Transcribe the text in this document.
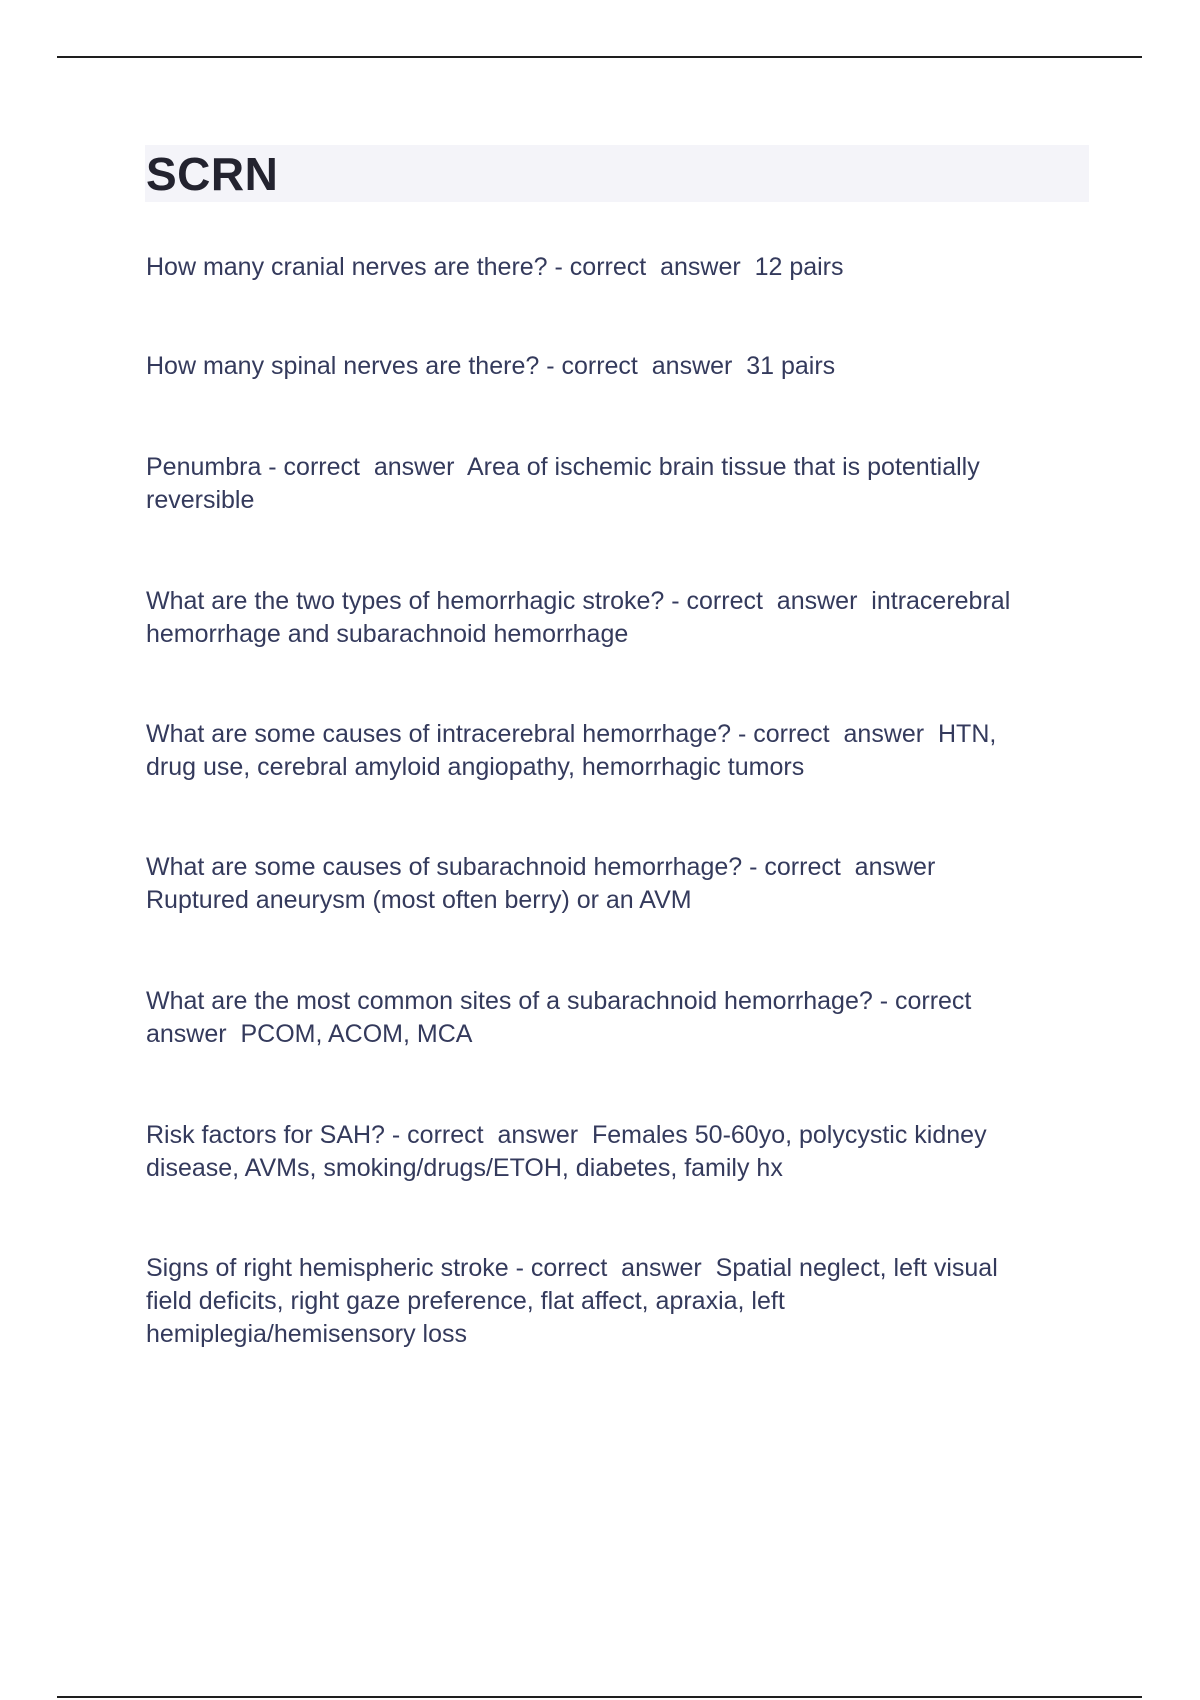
SCRN

How many cranial nerves are there? - correct  answer  12 pairs

How many spinal nerves are there? - correct  answer  31 pairs

Penumbra - correct  answer  Area of ischemic brain tissue that is potentially
reversible

What are the two types of hemorrhagic stroke? - correct  answer  intracerebral
hemorrhage and subarachnoid hemorrhage

What are some causes of intracerebral hemorrhage? - correct  answer  HTN,
drug use, cerebral amyloid angiopathy, hemorrhagic tumors

What are some causes of subarachnoid hemorrhage? - correct  answer
Ruptured aneurysm (most often berry) or an AVM

What are the most common sites of a subarachnoid hemorrhage? - correct
answer  PCOM, ACOM, MCA

Risk factors for SAH? - correct  answer  Females 50-60yo, polycystic kidney
disease, AVMs, smoking/drugs/ETOH, diabetes, family hx

Signs of right hemispheric stroke - correct  answer  Spatial neglect, left visual
field deficits, right gaze preference, flat affect, apraxia, left
hemiplegia/hemisensory loss
